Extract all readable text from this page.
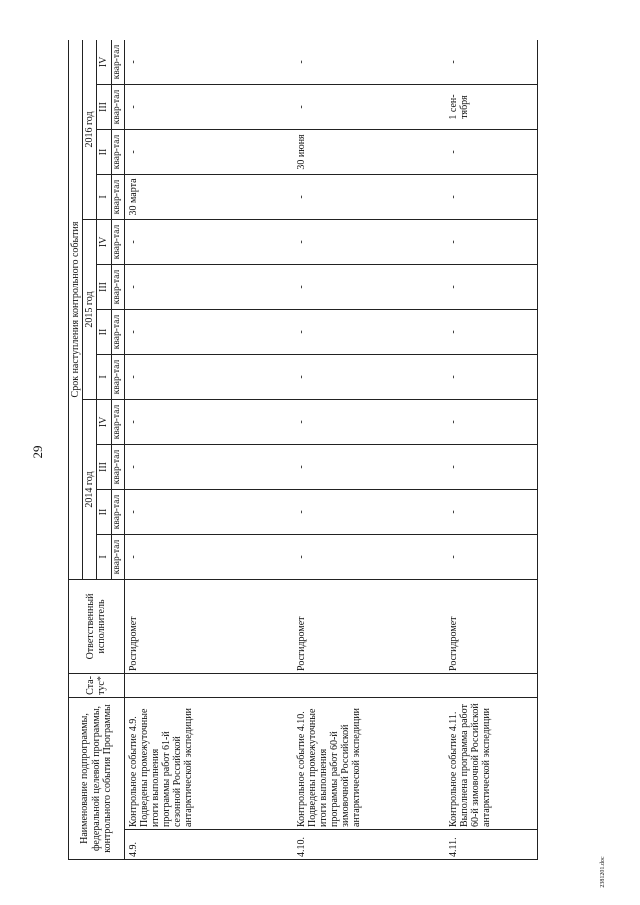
29
Наименование подпрограммы, федеральной целевой программы, контрольного события Программы		Ста-тус*	Ответственный исполнитель	Срок наступления контрольного события											
				2014 год				2015 год				2016 год			
				I	II	III	IV	I	II	III	IV	I	II	III	IV
				квар-тал	квар-тал	квар-тал	квар-тал	квар-тал	квар-тал	квар-тал	квар-тал	квар-тал	квар-тал	квар-тал	квар-тал
4.9.	Контрольное событие 4.9. Подведены промежуточные итоги выполнения программы работ 61-й сезонной Российской антарктической экспедиции		Росгидромет	-	-	-	-	-	-	-	-	30 марта	-	-	-
4.10.	Контрольное событие 4.10. Подведены промежуточные итоги выполнения программы работ 60-й зимовочной Российской антарктической экспедиции		Росгидромет	-	-	-	-	-	-	-	-	-	30 июня	-	-
4.11.	Контрольное событие 4.11. Выполнена программа работ 60-й зимовочной Российской антарктической экспедиции		Росгидромет	-	-	-	-	-	-	-	-	-	-	1 сен-тября	-
2381201.doc
